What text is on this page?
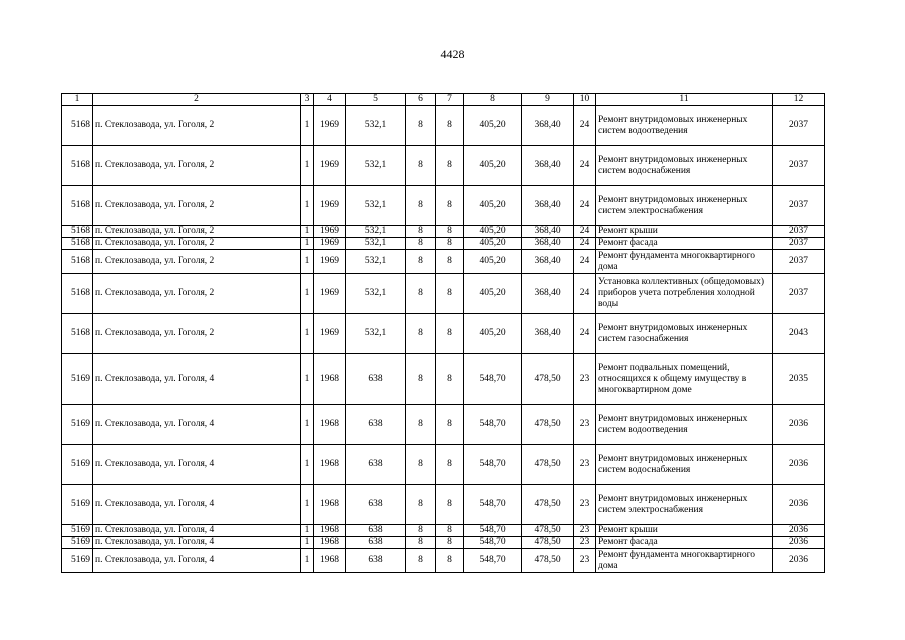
4428
1	2	3	4	5	6	7	8	9	10	11	12
5168	п. Стеклозавода, ул. Гоголя, 2	1	1969	532,1	8	8	405,20	368,40	24	Ремонт внутридомовых инженерных систем водоотведения	2037
5168	п. Стеклозавода, ул. Гоголя, 2	1	1969	532,1	8	8	405,20	368,40	24	Ремонт внутридомовых инженерных систем водоснабжения	2037
5168	п. Стеклозавода, ул. Гоголя, 2	1	1969	532,1	8	8	405,20	368,40	24	Ремонт внутридомовых инженерных систем электроснабжения	2037
5168	п. Стеклозавода, ул. Гоголя, 2	1	1969	532,1	8	8	405,20	368,40	24	Ремонт крыши	2037
5168	п. Стеклозавода, ул. Гоголя, 2	1	1969	532,1	8	8	405,20	368,40	24	Ремонт фасада	2037
5168	п. Стеклозавода, ул. Гоголя, 2	1	1969	532,1	8	8	405,20	368,40	24	Ремонт фундамента многоквартирного дома	2037
5168	п. Стеклозавода, ул. Гоголя, 2	1	1969	532,1	8	8	405,20	368,40	24	Установка коллективных (общедомовых) приборов учета потребления холодной воды	2037
5168	п. Стеклозавода, ул. Гоголя, 2	1	1969	532,1	8	8	405,20	368,40	24	Ремонт внутридомовых инженерных систем газоснабжения	2043
5169	п. Стеклозавода, ул. Гоголя, 4	1	1968	638	8	8	548,70	478,50	23	Ремонт подвальных помещений, относящихся к общему имуществу в многоквартирном доме	2035
5169	п. Стеклозавода, ул. Гоголя, 4	1	1968	638	8	8	548,70	478,50	23	Ремонт внутридомовых инженерных систем водоотведения	2036
5169	п. Стеклозавода, ул. Гоголя, 4	1	1968	638	8	8	548,70	478,50	23	Ремонт внутридомовых инженерных систем водоснабжения	2036
5169	п. Стеклозавода, ул. Гоголя, 4	1	1968	638	8	8	548,70	478,50	23	Ремонт внутридомовых инженерных систем электроснабжения	2036
5169	п. Стеклозавода, ул. Гоголя, 4	1	1968	638	8	8	548,70	478,50	23	Ремонт крыши	2036
5169	п. Стеклозавода, ул. Гоголя, 4	1	1968	638	8	8	548,70	478,50	23	Ремонт фасада	2036
5169	п. Стеклозавода, ул. Гоголя, 4	1	1968	638	8	8	548,70	478,50	23	Ремонт фундамента многоквартирного дома	2036
